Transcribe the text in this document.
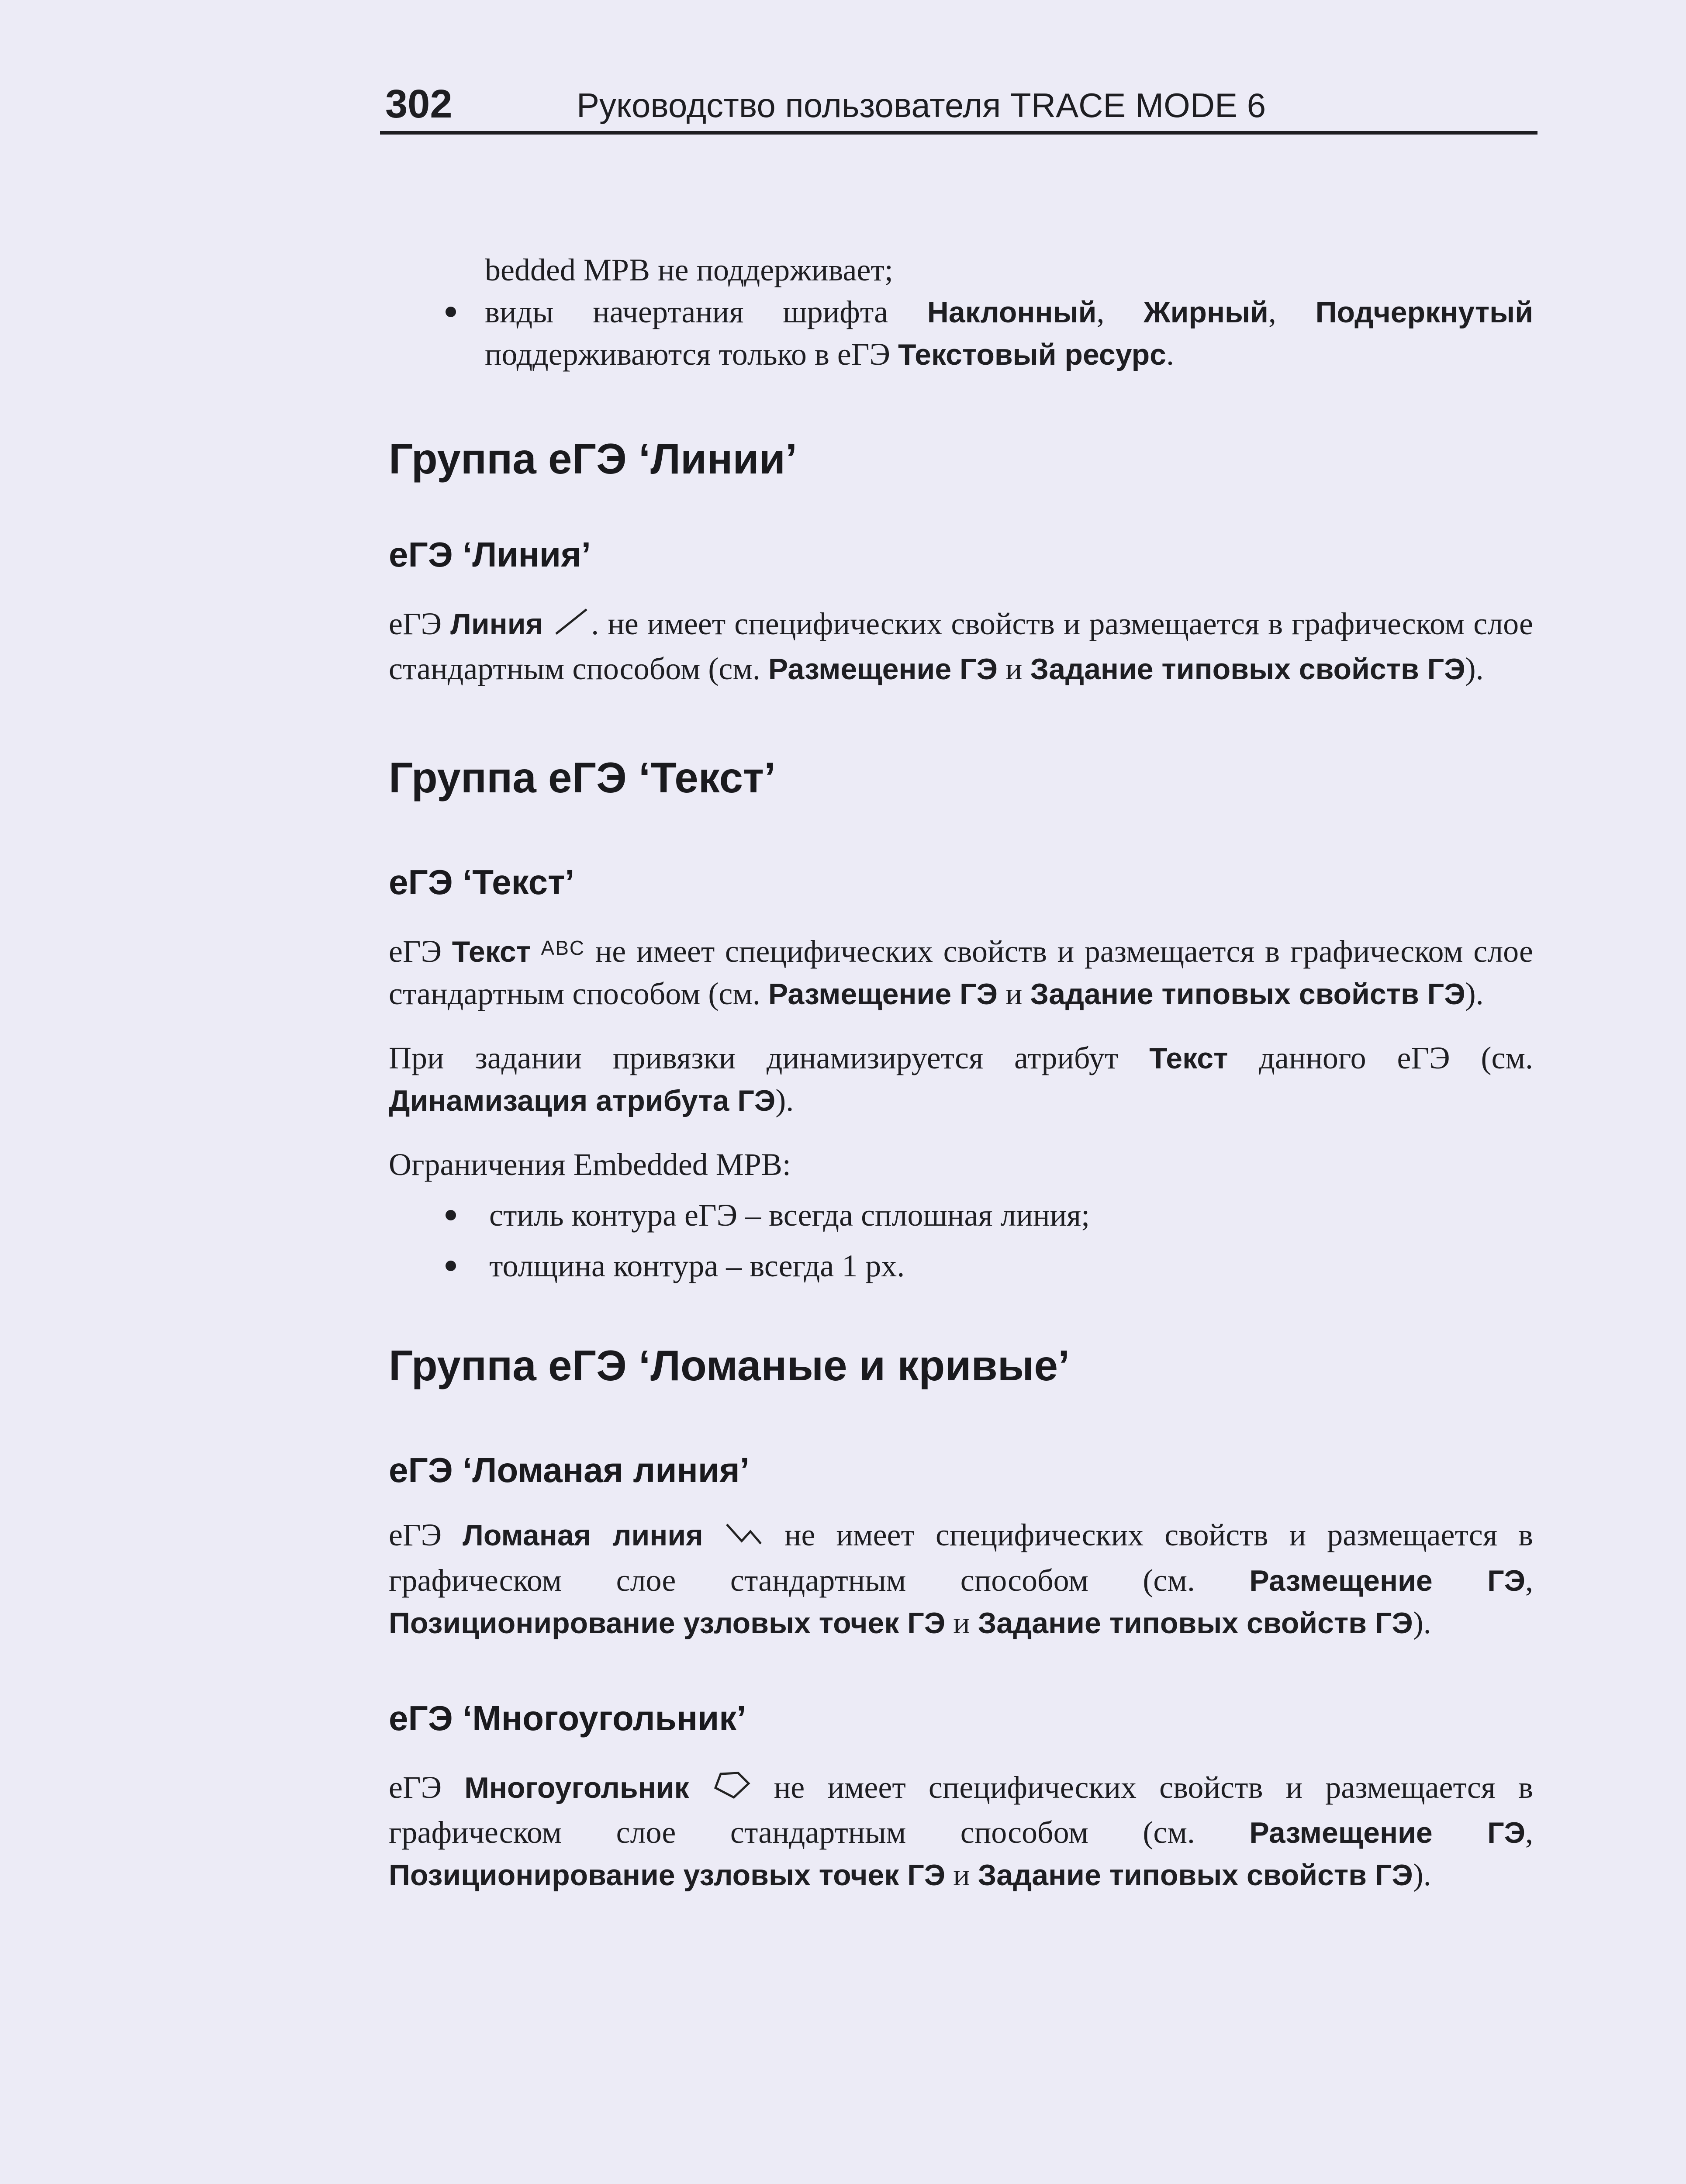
302	Руководство пользователя TRACE MODE 6

bedded MPB не поддерживает;

виды начертания шрифта Наклонный, Жирный, Подчеркнутый поддерживаются только в еГЭ Текстовый ресурс.
Группа еГЭ ‘Линии’
еГЭ ‘Линия’

еГЭ Линия . не имеет специфических свойств и размещается в графическом слое стандартным способом (см. Размещение ГЭ и Задание типовых свойств ГЭ).

Группа еГЭ ‘Текст’
еГЭ ‘Текст’

еГЭ Текст $^{ABC}$ не имеет специфических свойств и размещается в графическом слое стандартным способом (см. Размещение ГЭ и Задание типовых свойств ГЭ).

При задании привязки динамизируется атрибут Текст данного еГЭ (см. Динамизация атрибута ГЭ).

Ограничения Embedded MPB:

стиль контура еГЭ – всегда сплошная линия;
толщина контура – всегда 1 px.
Группа еГЭ ‘Ломаные и кривые’
еГЭ ‘Ломаная линия’

еГЭ Ломаная линия  не имеет специфических свойств и размещается в графическом слое стандартным способом (см. Размещение ГЭ, Позиционирование узловых точек ГЭ и Задание типовых свойств ГЭ).

еГЭ ‘Многоугольник’

еГЭ Многоугольник  не имеет специфических свойств и размещается в графическом слое стандартным способом (см. Размещение ГЭ, Позиционирование узловых точек ГЭ и Задание типовых свойств ГЭ).
